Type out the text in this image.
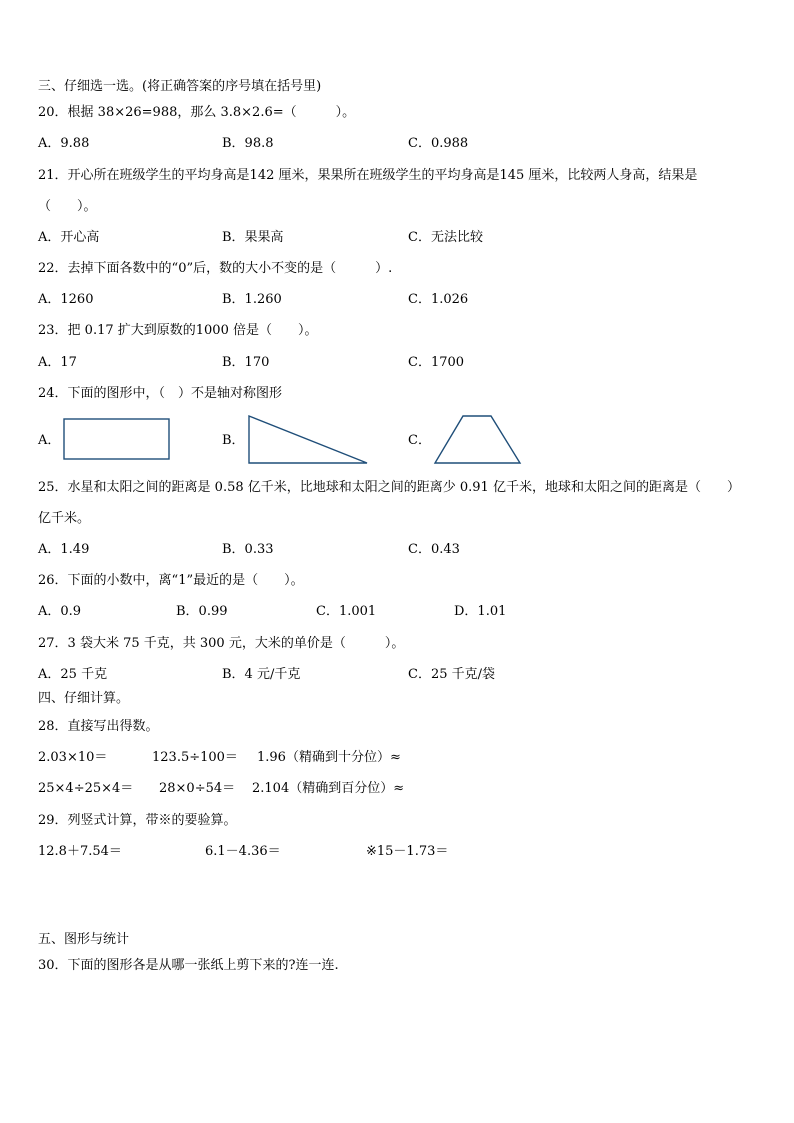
三、仔细选一选。(将正确答案的序号填在括号里)
20．根据 38×26=988，那么 3.8×2.6=（　　　）。
A．9.88	B．98.8	C．0.988
21．开心所在班级学生的平均身高是142 厘米，果果所在班级学生的平均身高是145 厘米，比较两人身高，结果是
（　　）。
A．开心高	B．果果高	C．无法比较
22．去掉下面各数中的“0”后，数的大小不变的是（　　　）.
A．1260	B．1.260	C．1.026
23．把 0.17 扩大到原数的1000 倍是（　　）。
A．17	B．170	C．1700
24．下面的图形中，（　）不是轴对称图形
A．	B．	C．
25．水星和太阳之间的距离是 0.58 亿千米，比地球和太阳之间的距离少 0.91 亿千米，地球和太阳之间的距离是（　　）
亿千米。
A．1.49	B．0.33	C．0.43
26．下面的小数中，离“1”最近的是（　　）。
A．0.9	B．0.99	C．1.001	D．1.01
27．3 袋大米 75 千克，共 300 元，大米的单价是（　　　）。
A．25 千克	B．4 元/千克	C．25 千克/袋
四、仔细计算。
28．直接写出得数。
2.03×10＝	123.5÷100＝ 1.96（精确到十分位）≈
25×4÷25×4＝ 28×0÷54＝ 2.104（精确到百分位）≈
29．列竖式计算，带※的要验算。
12.8＋7.54＝	6.1－4.36＝	※15－1.73＝
五、图形与统计
30．下面的图形各是从哪一张纸上剪下来的?连一连.
